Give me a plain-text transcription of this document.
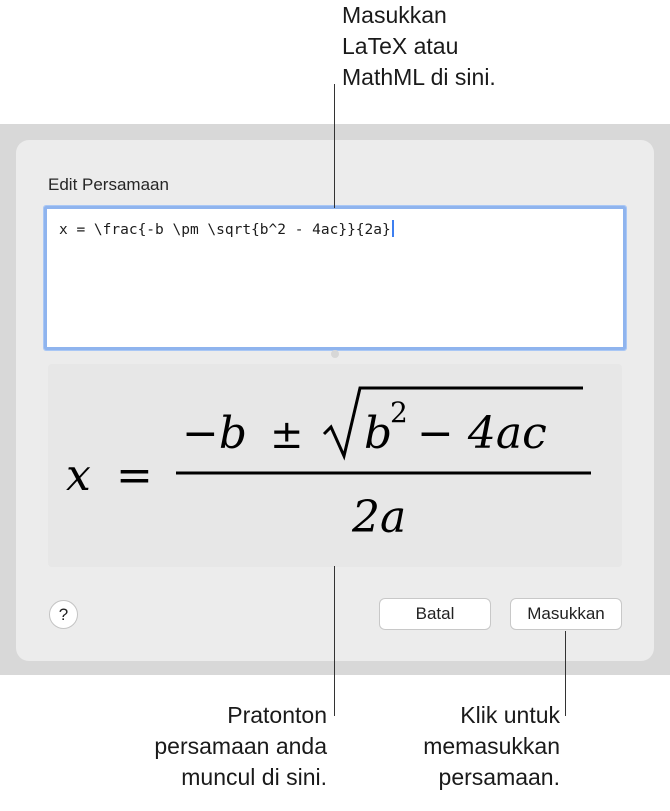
Edit Persamaan
x = \frac{-b \pm \sqrt{b^2 - 4ac}}{2a}
x =
−b ± b
2 − 4ac
2a
?	Batal	Masukkan
Masukkan
LaTeX atau
MathML di sini.
Pratonton
persamaan anda
muncul di sini.
Klik untuk
memasukkan
persamaan.
